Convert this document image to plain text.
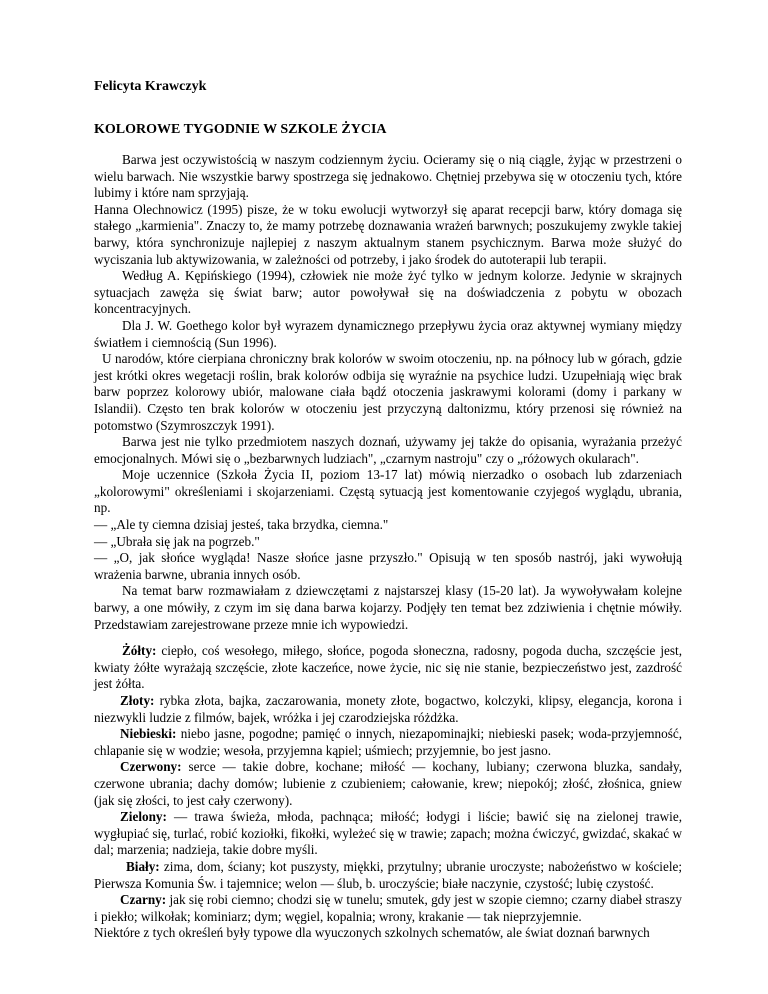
Felicyta Krawczyk
KOLOROWE TYGODNIE W SZKOLE ŻYCIA

Barwa jest oczywistością w naszym codziennym życiu. Ocieramy się o nią ciągle, żyjąc w przestrzeni o wielu barwach. Nie wszystkie barwy spostrzega się jednakowo. Chętniej przebywa się w otoczeniu tych, które lubimy i które nam sprzyjają.

Hanna Olechnowicz (1995) pisze, że w toku ewolucji wytworzył się aparat recepcji barw, który domaga się stałego „karmienia". Znaczy to, że mamy potrzebę doznawania wrażeń barwnych; poszukujemy zwykle takiej barwy, która synchronizuje najlepiej z naszym aktualnym stanem psychicznym. Barwa może służyć do wyciszania lub aktywizowania, w zależności od potrzeby, i jako środek do autoterapii lub terapii.

Według A. Kępińskiego (1994), człowiek nie może żyć tylko w jednym kolorze. Jedynie w skrajnych sytuacjach zawęża się świat barw; autor powoływał się na doświadczenia z pobytu w obozach koncentracyjnych.

Dla J. W. Goethego kolor był wyrazem dynamicznego przepływu życia oraz aktywnej wymiany między światłem i ciemnością (Sun 1996).

U narodów, które cierpiana chroniczny brak kolorów w swoim otoczeniu, np. na północy lub w górach, gdzie jest krótki okres wegetacji roślin, brak kolorów odbija się wyraźnie na psychice ludzi. Uzupełniają więc brak barw poprzez kolorowy ubiór, malowane ciała bądź otoczenia jaskrawymi kolorami (domy i parkany w Islandii). Często ten brak kolorów w otoczeniu jest przyczyną daltonizmu, który przenosi się również na potomstwo (Szymroszczyk 1991).

Barwa jest nie tylko przedmiotem naszych doznań, używamy jej także do opisania, wyrażania przeżyć emocjonalnych. Mówi się o „bezbarwnych ludziach", „czarnym nastroju" czy o „różowych okularach".

Moje uczennice (Szkoła Życia II, poziom 13-17 lat) mówią nierzadko o osobach lub zdarzeniach „kolorowymi" określeniami i skojarzeniami. Częstą sytuacją jest komentowanie czyjegoś wyglądu, ubrania, np.

— „Ale ty ciemna dzisiaj jesteś, taka brzydka, ciemna."

— „Ubrała się jak na pogrzeb."

— „O, jak słońce wygląda! Nasze słońce jasne przyszło." Opisują w ten sposób nastrój, jaki wywołują wrażenia barwne, ubrania innych osób.

Na temat barw rozmawiałam z dziewczętami z najstarszej klasy (15-20 lat). Ja wywoływałam kolejne barwy, a one mówiły, z czym im się dana barwa kojarzy. Podjęły ten temat bez zdziwienia i chętnie mówiły. Przedstawiam zarejestrowane przeze mnie ich wypowiedzi.

Żółty: ciepło, coś wesołego, miłego, słońce, pogoda słoneczna, radosny, pogoda ducha, szczęście jest, kwiaty żółte wyrażają szczęście, złote kaczeńce, nowe życie, nic się nie stanie, bezpieczeństwo jest, zazdrość jest żółta.

Złoty: rybka złota, bajka, zaczarowania, monety złote, bogactwo, kolczyki, klipsy, elegancja, korona i niezwykli ludzie z filmów, bajek, wróżka i jej czarodziejska różdżka.

Niebieski: niebo jasne, pogodne; pamięć o innych, niezapominajki; niebieski pasek; woda-przyjemność, chlapanie się w wodzie; wesoła, przyjemna kąpiel; uśmiech; przyjemnie, bo jest jasno.

Czerwony: serce — takie dobre, kochane; miłość — kochany, lubiany; czerwona bluzka, sandały, czerwone ubrania; dachy domów; lubienie z czubieniem; całowanie, krew; niepokój; złość, złośnica, gniew (jak się złości, to jest cały czerwony).

Zielony: — trawa świeża, młoda, pachnąca; miłość; łodygi i liście; bawić się na zielonej trawie, wygłupiać się, turlać, robić koziołki, fikołki, wyleżeć się w trawie; zapach; można ćwiczyć, gwizdać, skakać w dal; marzenia; nadzieja, takie dobre myśli.

Biały: zima, dom, ściany; kot puszysty, miękki, przytulny; ubranie uroczyste; nabożeństwo w kościele; Pierwsza Komunia Św. i tajemnice; welon — ślub, b. uroczyście; białe naczynie, czystość; lubię czystość.

Czarny: jak się robi ciemno; chodzi się w tunelu; smutek, gdy jest w szopie ciemno; czarny diabeł straszy i piekło; wilkołak; kominiarz; dym; węgiel, kopalnia; wrony, krakanie — tak nieprzyjemnie.

Niektóre z tych określeń były typowe dla wyuczonych szkolnych schematów, ale świat doznań barwnych
